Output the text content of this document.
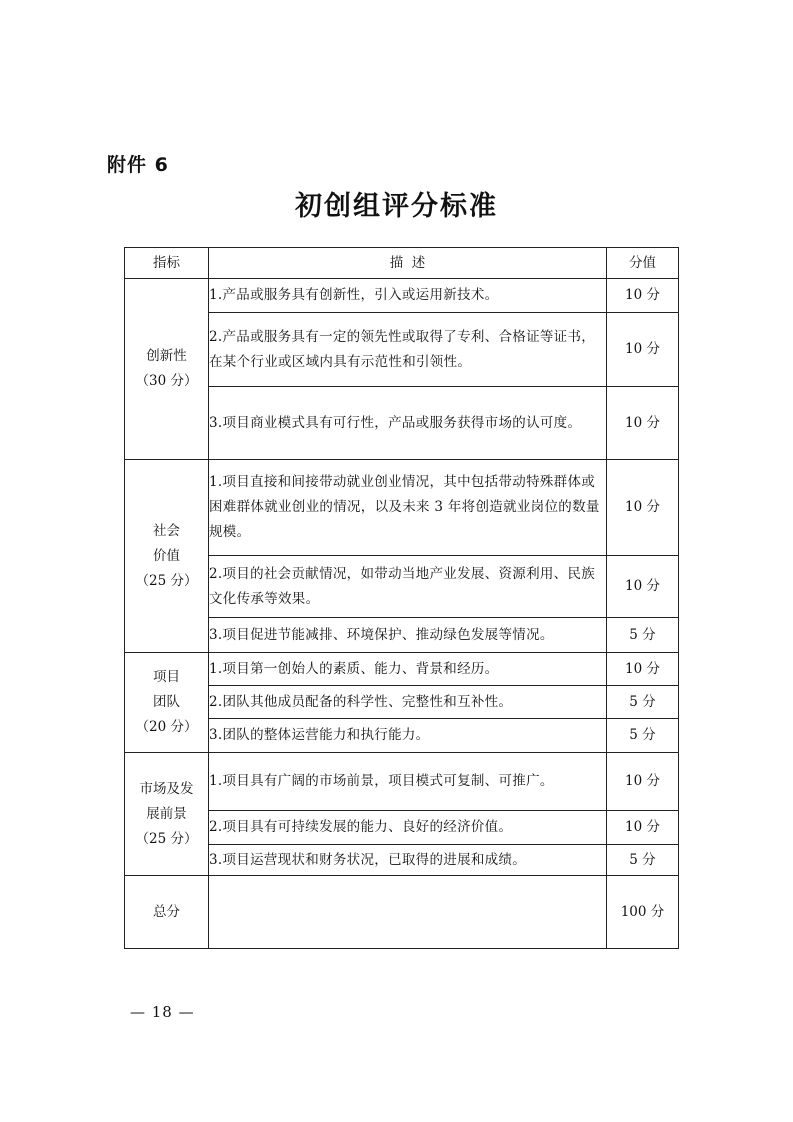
附件 6
初创组评分标准
指标	描  述	分值

创新性
（30 分）	1.产品或服务具有创新性，引入或运用新技术。	10 分
	2.产品或服务具有一定的领先性或取得了专利、合格证等证书，在某个行业或区域内具有示范性和引领性。	10 分
	3.项目商业模式具有可行性，产品或服务获得市场的认可度。	10 分

社会
价值
（25 分）	1.项目直接和间接带动就业创业情况，其中包括带动特殊群体或困难群体就业创业的情况，以及未来 3 年将创造就业岗位的数量规模。	10 分
	2.项目的社会贡献情况，如带动当地产业发展、资源利用、民族文化传承等效果。	10 分
	3.项目促进节能减排、环境保护、推动绿色发展等情况。	5 分

项目
团队
（20 分）	1.项目第一创始人的素质、能力、背景和经历。	10 分
	2.团队其他成员配备的科学性、完整性和互补性。	5 分
	3.团队的整体运营能力和执行能力。	5 分

市场及发
展前景
（25 分）	1.项目具有广阔的市场前景，项目模式可复制、可推广。	10 分
	2.项目具有可持续发展的能力、良好的经济价值。	10 分
	3.项目运营现状和财务状况，已取得的进展和成绩。	5 分
总分		100 分
— 18 —
